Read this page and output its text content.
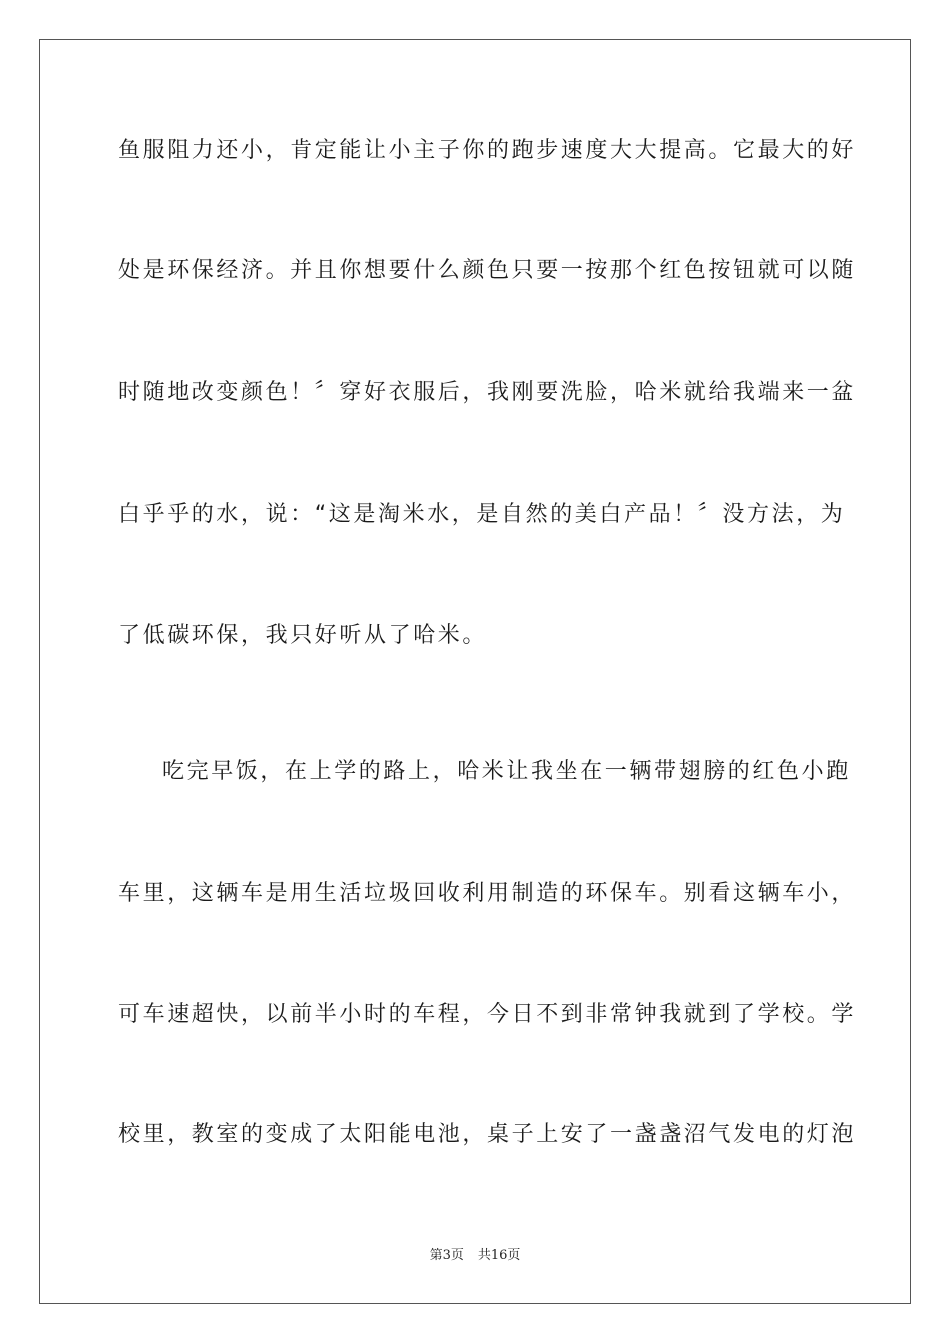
鱼服阻力还小，肯定能让小主子你的跑步速度大大提高。它最大的好
处是环保经济。并且你想要什么颜色只要一按那个红色按钮就可以随
时随地改变颜色！〞穿好衣服后，我刚要洗脸，哈米就给我端来一盆
白乎乎的水，说：“这是淘米水，是自然的美白产品！〞没方法，为
了低碳环保，我只好听从了哈米。
吃完早饭，在上学的路上，哈米让我坐在一辆带翅膀的红色小跑
车里，这辆车是用生活垃圾回收利用制造的环保车。别看这辆车小，
可车速超快，以前半小时的车程，今日不到非常钟我就到了学校。学
校里，教室的变成了太阳能电池，桌子上安了一盏盏沼气发电的灯泡
第3页 共16页
